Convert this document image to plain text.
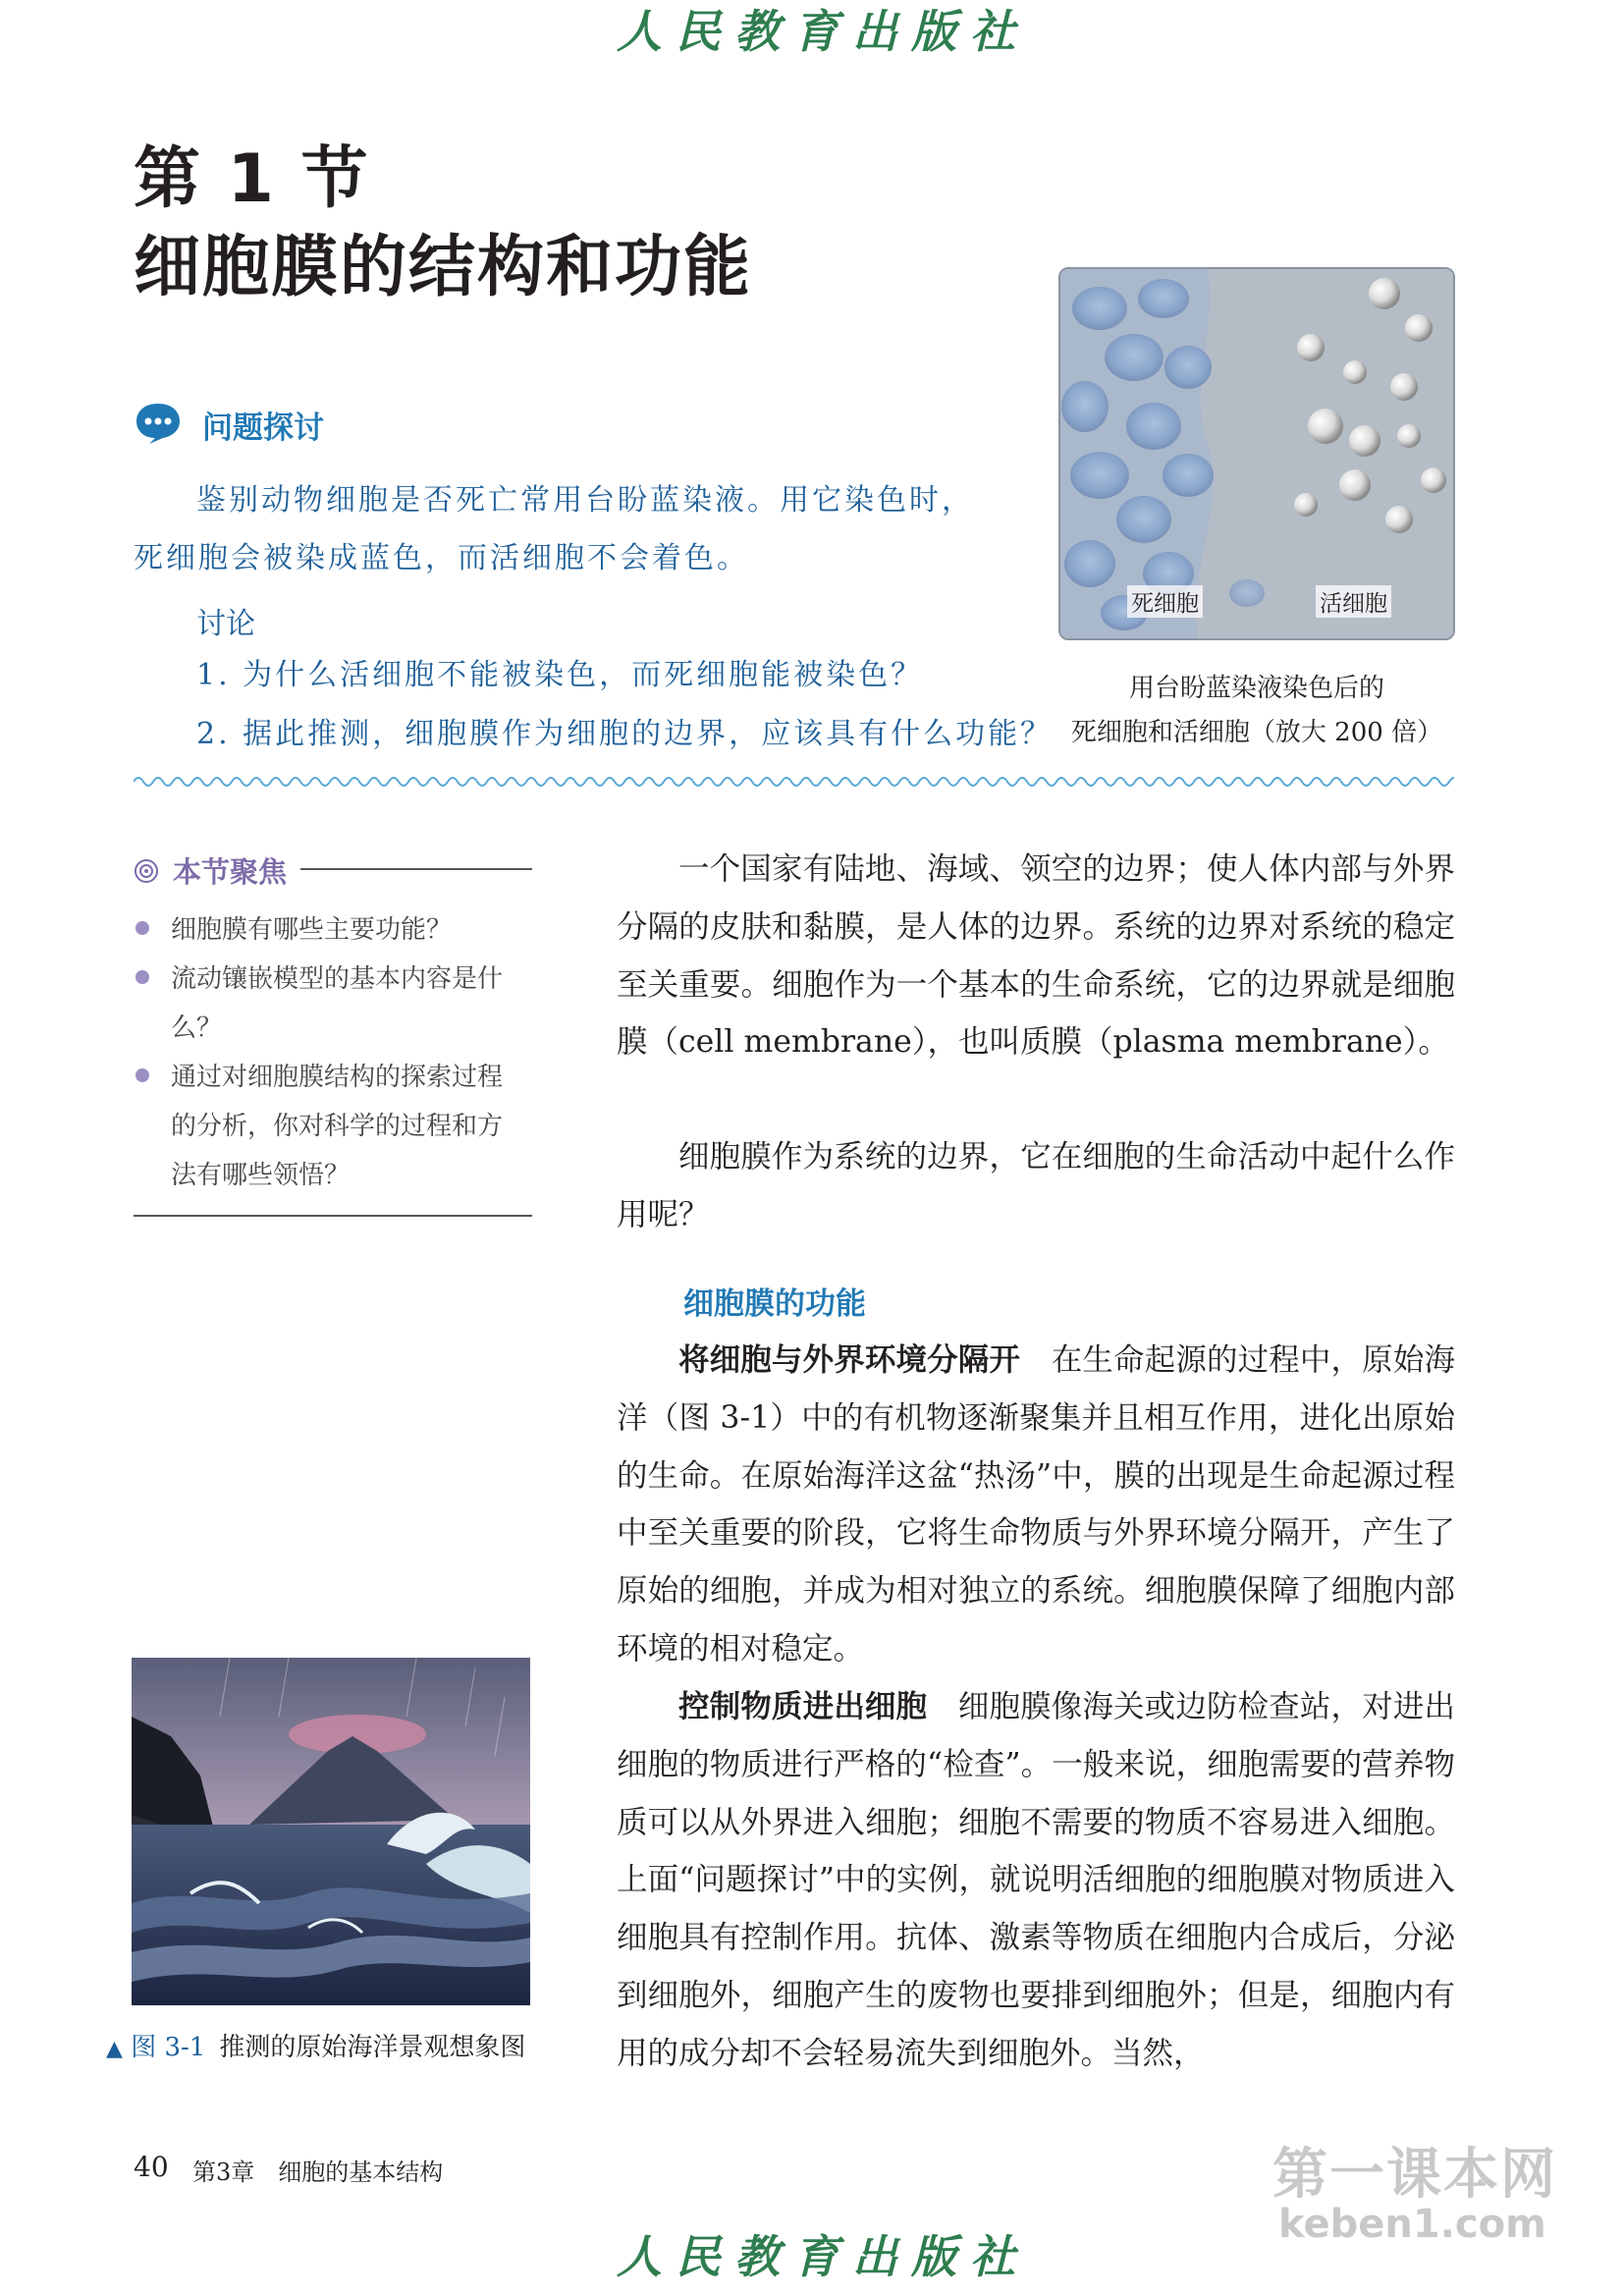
人民教育出版社
第 1 节
细胞膜的结构和功能
问题探讨
鉴别动物细胞是否死亡常用台盼蓝染液。用它染色时，
死细胞会被染成蓝色，而活细胞不会着色。
讨论
1. 为什么活细胞不能被染色，而死细胞能被染色？
2. 据此推测，细胞膜作为细胞的边界，应该具有什么功能？
死细胞	活细胞
用台盼蓝染液染色后的
死细胞和活细胞（放大 200 倍）
本节聚焦
细胞膜有哪些主要功能？
流动镶嵌模型的基本内容是什
么？
通过对细胞膜结构的探索过程
的分析，你对科学的过程和方
法有哪些领悟？
一个国家有陆地、海域、领空的边界；使人体内部与外界分隔的皮肤和黏膜，是人体的边界。系统的边界对系统的稳定至关重要。细胞作为一个基本的生命系统，它的边界就是细胞膜（cell membrane），也叫质膜（plasma membrane）。
细胞膜作为系统的边界，它在细胞的生命活动中起什么作用呢？
细胞膜的功能
将细胞与外界环境分隔开  在生命起源的过程中，原始海洋（图 3-1）中的有机物逐渐聚集并且相互作用，进化出原始的生命。在原始海洋这盆“热汤”中，膜的出现是生命起源过程中至关重要的阶段，它将生命物质与外界环境分隔开，产生了原始的细胞，并成为相对独立的系统。细胞膜保障了细胞内部环境的相对稳定。
控制物质进出细胞  细胞膜像海关或边防检查站，对进出细胞的物质进行严格的“检查”。一般来说，细胞需要的营养物质可以从外界进入细胞；细胞不需要的物质不容易进入细胞。上面“问题探讨”中的实例，就说明活细胞的细胞膜对物质进入细胞具有控制作用。抗体、激素等物质在细胞内合成后，分泌到细胞外，细胞产生的废物也要排到细胞外；但是，细胞内有用的成分却不会轻易流失到细胞外。当然，
▲ 图 3-1 推测的原始海洋景观想象图
40 第3章　细胞的基本结构	第一课本网
keben1.com
人民教育出版社
